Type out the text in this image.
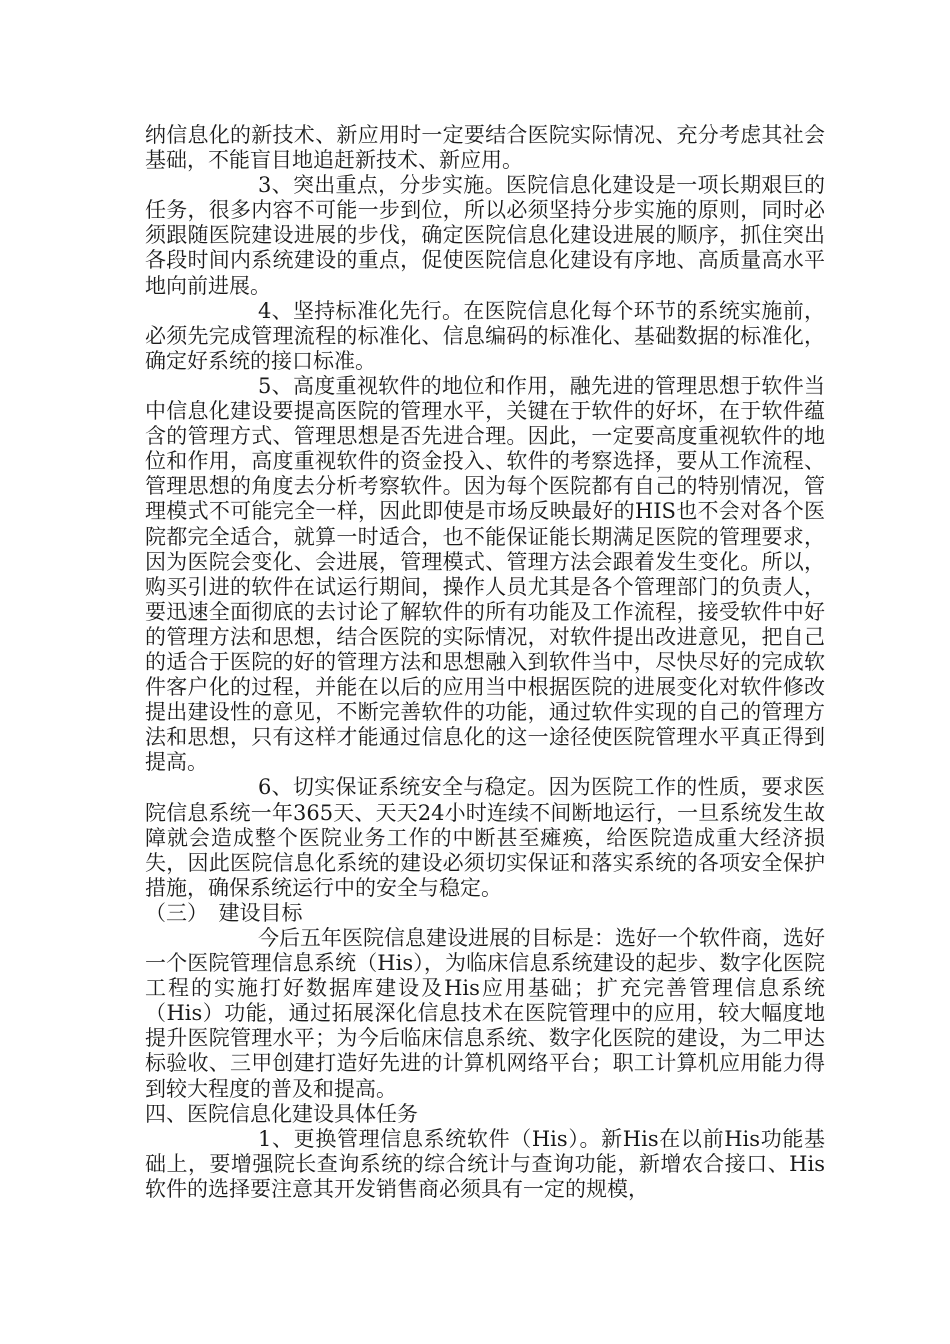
纳信息化的新技术、新应用时一定要结合医院实际情况、充分考虑其社会基础，不能盲目地追赶新技术、新应用。

3、突出重点，分步实施。医院信息化建设是一项长期艰巨的任务，很多内容不可能一步到位，所以必须坚持分步实施的原则，同时必须跟随医院建设进展的步伐，确定医院信息化建设进展的顺序，抓住突出各段时间内系统建设的重点，促使医院信息化建设有序地、高质量高水平地向前进展。

4、坚持标准化先行。在医院信息化每个环节的系统实施前，必须先完成管理流程的标准化、信息编码的标准化、基础数据的标准化，确定好系统的接口标准。

5、高度重视软件的地位和作用，融先进的管理思想于软件当中信息化建设要提高医院的管理水平，关键在于软件的好坏，在于软件蕴含的管理方式、管理思想是否先进合理。因此，一定要高度重视软件的地位和作用，高度重视软件的资金投入、软件的考察选择，要从工作流程、管理思想的角度去分析考察软件。因为每个医院都有自己的特别情况，管理模式不可能完全一样，因此即使是市场反映最好的HIS也不会对各个医院都完全适合，就算一时适合，也不能保证能长期满足医院的管理要求，因为医院会变化、会进展，管理模式、管理方法会跟着发生变化。所以，购买引进的软件在试运行期间，操作人员尤其是各个管理部门的负责人，要迅速全面彻底的去讨论了解软件的所有功能及工作流程，接受软件中好的管理方法和思想，结合医院的实际情况，对软件提出改进意见，把自己的适合于医院的好的管理方法和思想融入到软件当中，尽快尽好的完成软件客户化的过程，并能在以后的应用当中根据医院的进展变化对软件修改提出建设性的意见，不断完善软件的功能，通过软件实现的自己的管理方法和思想，只有这样才能通过信息化的这一途径使医院管理水平真正得到提高。

6、切实保证系统安全与稳定。因为医院工作的性质，要求医院信息系统一年365天、天天24小时连续不间断地运行，一旦系统发生故障就会造成整个医院业务工作的中断甚至瘫痪，给医院造成重大经济损失，因此医院信息化系统的建设必须切实保证和落实系统的各项安全保护措施，确保系统运行中的安全与稳定。

（三）　建设目标

今后五年医院信息建设进展的目标是：选好一个软件商，选好一个医院管理信息系统（His），为临床信息系统建设的起步、数字化医院工程的实施打好数据库建设及His应用基础；扩充完善管理信息系统（His）功能，通过拓展深化信息技术在医院管理中的应用，较大幅度地提升医院管理水平；为今后临床信息系统、数字化医院的建设，为二甲达标验收、三甲创建打造好先进的计算机网络平台；职工计算机应用能力得到较大程度的普及和提高。

四、医院信息化建设具体任务

1、更换管理信息系统软件（His）。新His在以前His功能基础上，要增强院长查询系统的综合统计与查询功能，新增农合接口、His软件的选择要注意其开发销售商必须具有一定的规模，
